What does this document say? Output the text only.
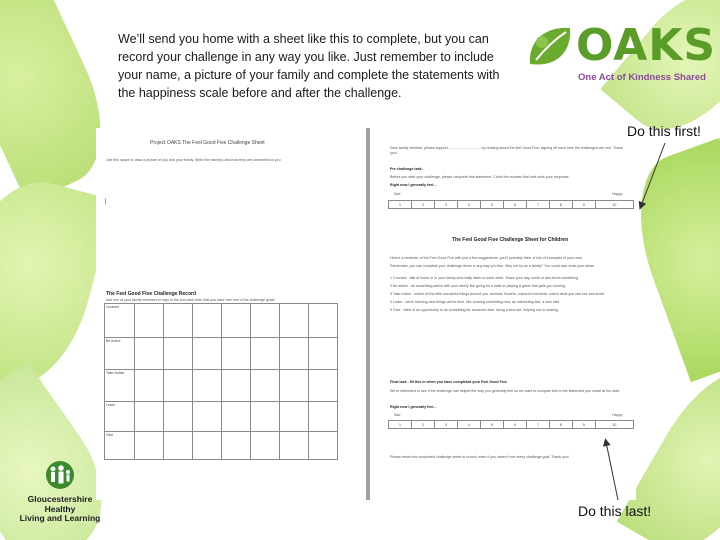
We’ll send you home with a sheet like this to complete, but you can record your challenge in any way you like. Just remember to include your name, a picture of your family and complete the statements with the happiness scale before and after the challenge.
OAKS
One Act of Kindness Shared
Project OAKS The Feel Good Five Challenge Sheet
Use this space to draw a picture of you and your family. Write the name(s) and how they are connected to you
|
The Feel Good Five Challenge Record
Ask one of your family members to sign in the box each time that you have met one of the challenge goals
Connect							
Be Active							
Take Notice							
Learn							
Give							
Dear family member, please support ................................ by reading about the feel Good Five, signing off each time the challenges are met. Thank you!
Pre challenge task:
Before you start your challenge, please complete this statement. Circle the number that best suits your response.
Right now I generally feel...
Sad	Happy
1	2	3	4	5	6	7	8	9	10
The Feel Good Five Challenge Sheet for Children
Here's a reminder of the Feel Good Five with just a few suggestions, you'll probably think of lots of examples of your own.
Remember, you can complete your challenge items in any way you like. Why not try as a family? You could also draw your ideas.
1 Connect - talk at home or in your family and really listen to each other. Share your day, smile or ask about something.
2 Be active - do something active with your family like going for a walk or playing a game that gets you moving.
3 Take notice - notice all the little wonderful things around you, animals, flowers, colourful moments; notice what you can see and smell.
4 Learn - we're learning new things all the time, like cooking something new, an interesting fact, a new skill.
5 Give - think of an opportunity to do something for someone else, doing a kind act, helping out or sharing.
Final task - fill this in when you have completed your Feel Good Five
We're interested to see if the challenge has helped the way you generally feel so we want to compare this to the statement you made at the start.
Right now I generally feel...
Sad	Happy
1	2	3	4	5	6	7	8	9	10
Please return the completed challenge sheet to school, even if you haven't met every challenge goal. Thank you!
Do this first!
Do this last!
Gloucestershire
Healthy
Living and Learning
